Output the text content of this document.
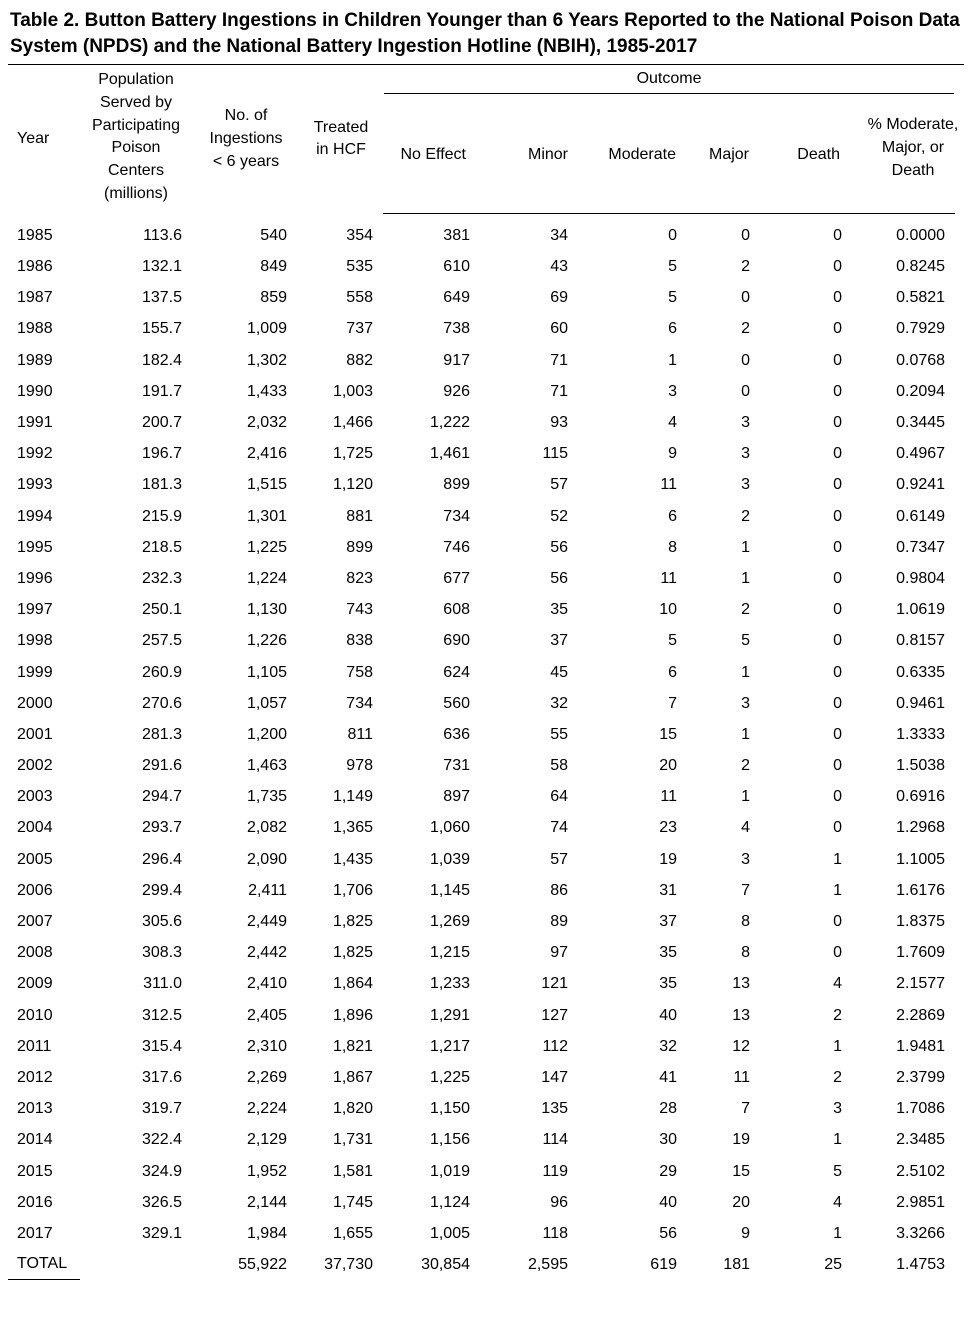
Table 2. Button Battery Ingestions in Children Younger than 6 Years Reported to the National Poison Data System (NPDS) and the National Battery Ingestion Hotline (NBIH), 1985-2017
Year	Population Served by Participating Poison Centers (millions)	No. of Ingestions < 6 years	Treated in HCF	Outcome					

				No Effect	Minor	Moderate	Major	Death	% Moderate, Major, or Death

1985	113.6	540	354	381	34	0	0	0	0.0000
1986	132.1	849	535	610	43	5	2	0	0.8245
1987	137.5	859	558	649	69	5	0	0	0.5821
1988	155.7	1,009	737	738	60	6	2	0	0.7929
1989	182.4	1,302	882	917	71	1	0	0	0.0768
1990	191.7	1,433	1,003	926	71	3	0	0	0.2094
1991	200.7	2,032	1,466	1,222	93	4	3	0	0.3445
1992	196.7	2,416	1,725	1,461	115	9	3	0	0.4967
1993	181.3	1,515	1,120	899	57	11	3	0	0.9241
1994	215.9	1,301	881	734	52	6	2	0	0.6149
1995	218.5	1,225	899	746	56	8	1	0	0.7347
1996	232.3	1,224	823	677	56	11	1	0	0.9804
1997	250.1	1,130	743	608	35	10	2	0	1.0619
1998	257.5	1,226	838	690	37	5	5	0	0.8157
1999	260.9	1,105	758	624	45	6	1	0	0.6335
2000	270.6	1,057	734	560	32	7	3	0	0.9461
2001	281.3	1,200	811	636	55	15	1	0	1.3333
2002	291.6	1,463	978	731	58	20	2	0	1.5038
2003	294.7	1,735	1,149	897	64	11	1	0	0.6916
2004	293.7	2,082	1,365	1,060	74	23	4	0	1.2968
2005	296.4	2,090	1,435	1,039	57	19	3	1	1.1005
2006	299.4	2,411	1,706	1,145	86	31	7	1	1.6176
2007	305.6	2,449	1,825	1,269	89	37	8	0	1.8375
2008	308.3	2,442	1,825	1,215	97	35	8	0	1.7609
2009	311.0	2,410	1,864	1,233	121	35	13	4	2.1577
2010	312.5	2,405	1,896	1,291	127	40	13	2	2.2869
2011	315.4	2,310	1,821	1,217	112	32	12	1	1.9481
2012	317.6	2,269	1,867	1,225	147	41	11	2	2.3799
2013	319.7	2,224	1,820	1,150	135	28	7	3	1.7086
2014	322.4	2,129	1,731	1,156	114	30	19	1	2.3485
2015	324.9	1,952	1,581	1,019	119	29	15	5	2.5102
2016	326.5	2,144	1,745	1,124	96	40	20	4	2.9851
2017	329.1	1,984	1,655	1,005	118	56	9	1	3.3266
TOTAL		55,922	37,730	30,854	2,595	619	181	25	1.4753
